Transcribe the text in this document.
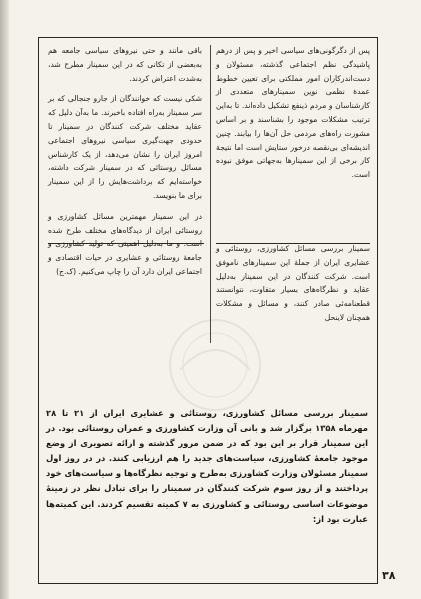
پس از دگرگونی‌های سیاسی اخیر و پس از درهم پاشیدگی نظم اجتماعی گذشته، مسئولان و دست‌اندرکاران امور مملکتی برای تعیین خطوط عمدهٔ نظمی نوین سمینارهای متعددی از کارشناسان و مردم ذینفع تشکیل داده‌اند. تا به‌این ترتیب مشکلات موجود را بشناسند و بر اساس مشورت راه‌های مردمی حل آن‌ها را بیابند. چنین اندیشه‌ای بی‌نقصه درخور ستایش است اما نتیجهٔ کار برخی از این سمینارها به‌جهاتی موفق نبوده است.

سمینار بررسی مسائل کشاورزی، روستائی و عشایری ایران از جملهٔ این سمینارهای ناموفق است. شرکت کنندگان در این سمینار به‌دلیل عقاید و نظرگاه‌های بسیار متفاوت، نتوانستند قطعنامه‌ئی صادر کنند، و مسائل و مشکلات همچنان لاینحل

باقی مانند و حتی نیروهای سیاسی جامعه هم به‌بعضی از تکانی که در این سمینار مطرح شد، به‌شدت اعتراض کردند.

شکی نیست که خوانندگان از جارو جنجالی که بر سر سمینار به‌راه افتاده باخبرند. ما به‌آن دلیل که عقاید مختلف شرکت کنندگان در سمینار تا حدودی جهت‌گیری سیاسی نیروهای اجتماعی امروز ایران را نشان می‌دهد، از یک کارشناس مسائل روستائی که در سمینار شرکت داشته، خواسته‌ایم که برداشت‌هایش را از این سمینار برای ما بنویسد.

در این سمینار مهمترین مسائل کشاورزی و روستائی ایران از دیدگاه‌های مختلف طرح شده است. و ما به‌دلیل اهمیتی که تولید کشاورزی و جامعهٔ روستائی و عشایری در حیات اقتصادی و اجتماعی ایران دارد آن را چاپ می‌کنیم. (ک.ج)

سمینار بررسی مسائل کشاورزی، روستائی و عشایری ایران از ۲۱ تا ۲۸ مهرماه ۱۳۵۸ برگزار شد و بانی آن وزارت کشاورزی و عمران روستائی بود. در این سمینار قرار بر این بود که در ضمن مرور گذشته و ارائه تصویری از وضع موجود جامعهٔ کشاورزی، سیاست‌های جدید را هم ارزیابی کنند. در در روز اول سمینار مسئولان وزارت کشاورزی به‌طرح و توجیه نظرگاه‌ها و سیاست‌های خود پرداختند و از روز سوم شرکت کنندگان در سمینار را برای تبادل نظر در زمینهٔ موضوعات اساسی روستائی و کشاورزی به ۷ کمیته تقسیم کردند. این کمیته‌ها عبارت بود از:

۳۸
